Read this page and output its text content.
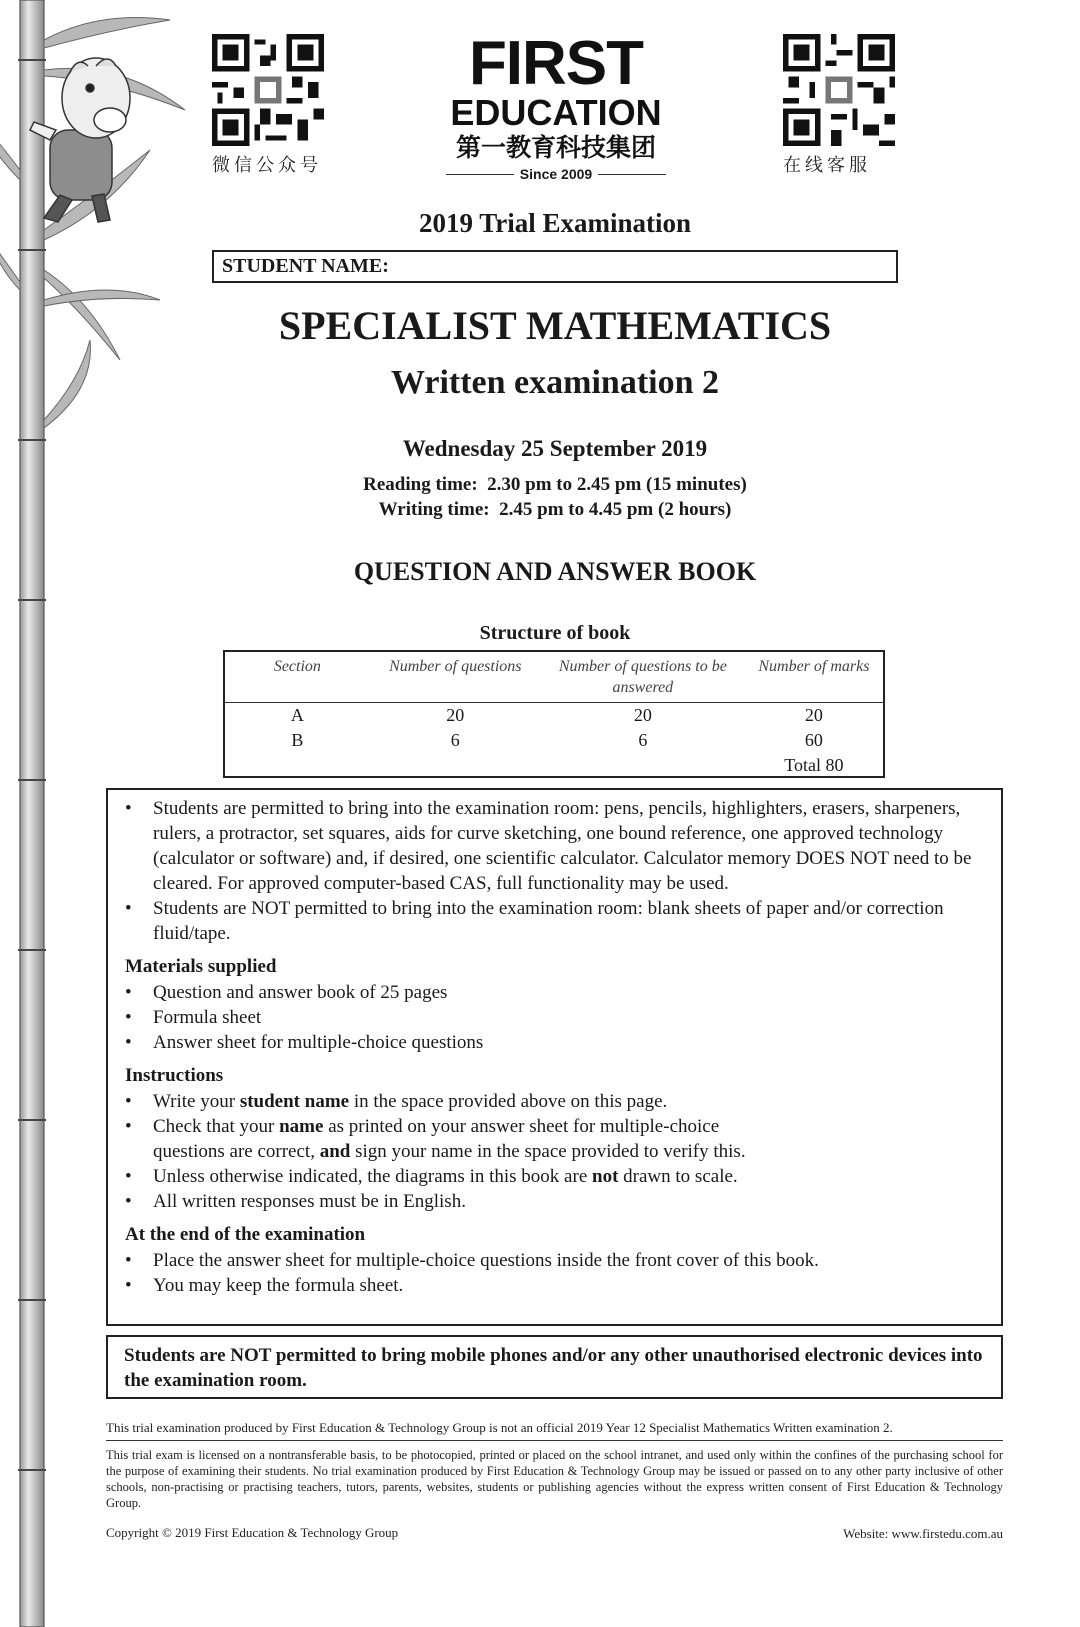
微信公众号
FIRST
EDUCATION
第一教育科技集团
Since 2009	在线客服
2019 Trial Examination
STUDENT NAME:
SPECIALIST MATHEMATICS
Written examination 2
Wednesday 25 September 2019
Reading time:  2.30 pm to 2.45 pm (15 minutes)
Writing time:  2.45 pm to 4.45 pm (2 hours)
QUESTION AND ANSWER BOOK
Structure of book
Section	Number of questions	Number of questions to be answered	Number of marks
A	20	20	20
B	6	6	60
			Total 80
• Students are permitted to bring into the examination room: pens, pencils, highlighters, erasers, sharpeners, rulers, a protractor, set squares, aids for curve sketching, one bound reference, one approved technology (calculator or software) and, if desired, one scientific calculator. Calculator memory DOES NOT need to be cleared. For approved computer-based CAS, full functionality may be used.
• Students are NOT permitted to bring into the examination room: blank sheets of paper and/or correction fluid/tape.
Materials supplied
• Question and answer book of 25 pages
• Formula sheet
• Answer sheet for multiple-choice questions
Instructions
• Write your student name in the space provided above on this page.
• Check that your name as printed on your answer sheet for multiple-choice questions are correct, and sign your name in the space provided to verify this.
• Unless otherwise indicated, the diagrams in this book are not drawn to scale.
• All written responses must be in English.
At the end of the examination
• Place the answer sheet for multiple-choice questions inside the front cover of this book.
• You may keep the formula sheet.
Students are NOT permitted to bring mobile phones and/or any other unauthorised electronic devices into the examination room.
This trial examination produced by First Education & Technology Group is not an official 2019 Year 12 Specialist Mathematics Written examination 2.
This trial exam is licensed on a nontransferable basis, to be photocopied, printed or placed on the school intranet, and used only within the confines of the purchasing school for the purpose of examining their students. No trial examination produced by First Education & Technology Group may be issued or passed on to any other party inclusive of other schools, non-practising or practising teachers, tutors, parents, websites, students or publishing agencies without the express written consent of First Education & Technology Group.
Copyright © 2019 First Education & Technology Group	Website: www.firstedu.com.au
